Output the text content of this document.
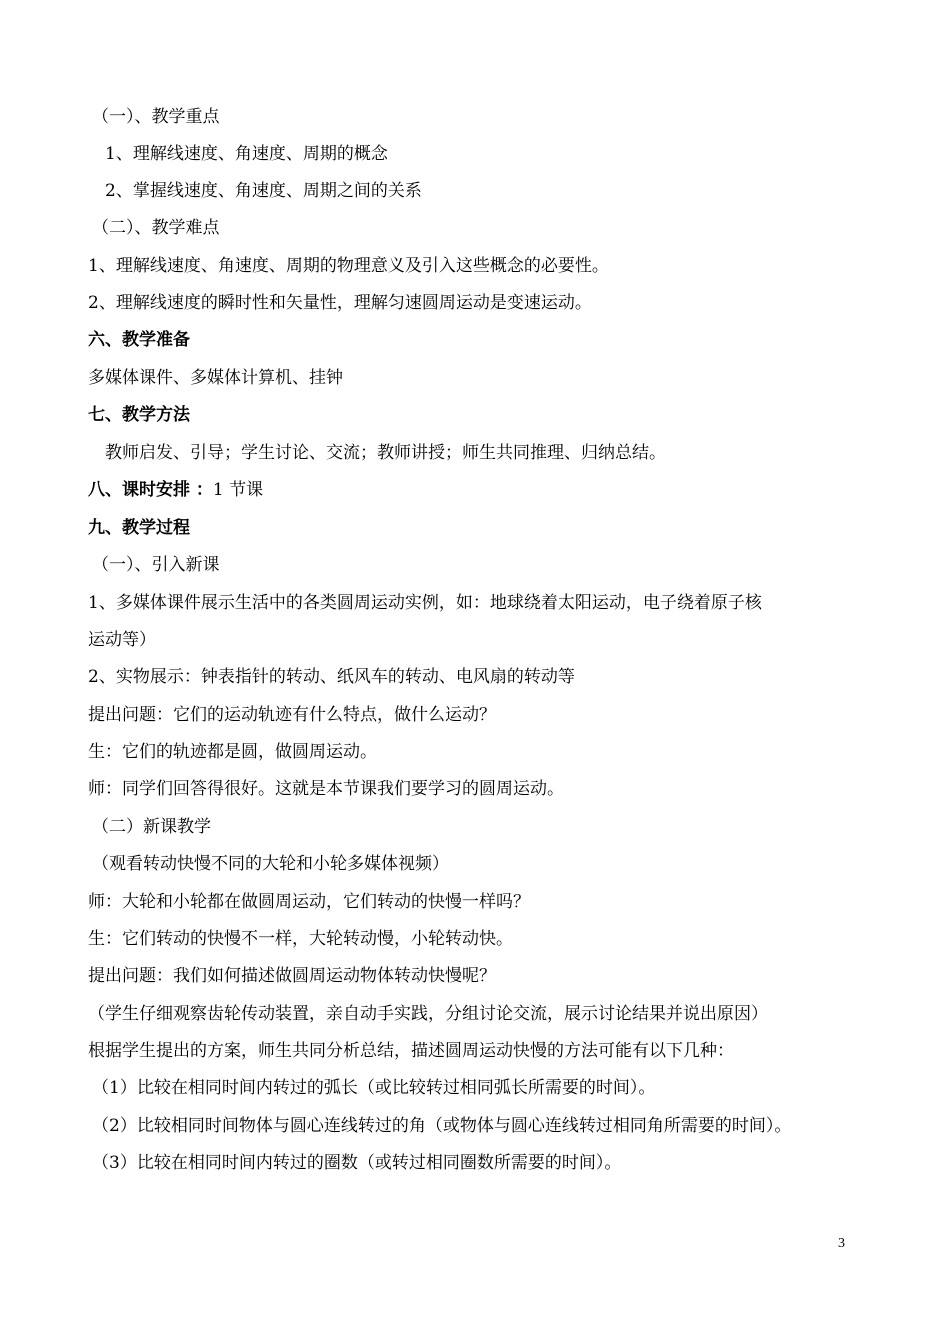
（一）、教学重点
1、理解线速度、角速度、周期的概念
2、掌握线速度、角速度、周期之间的关系
（二）、教学难点
1、理解线速度、角速度、周期的物理意义及引入这些概念的必要性。
2、理解线速度的瞬时性和矢量性，理解匀速圆周运动是变速运动。
六、教学准备
多媒体课件、多媒体计算机、挂钟
七、教学方法
教师启发、引导；学生讨论、交流；教师讲授；师生共同推理、归纳总结。
八、课时安排 ：1 节课
九、教学过程
（一）、引入新课
1、多媒体课件展示生活中的各类圆周运动实例，如：地球绕着太阳运动，电子绕着原子核
运动等）
2、实物展示：钟表指针的转动、纸风车的转动、电风扇的转动等
提出问题：它们的运动轨迹有什么特点，做什么运动？
生：它们的轨迹都是圆，做圆周运动。
师：同学们回答得很好。这就是本节课我们要学习的圆周运动。
（二）新课教学
（观看转动快慢不同的大轮和小轮多媒体视频）
师：大轮和小轮都在做圆周运动，它们转动的快慢一样吗？
生：它们转动的快慢不一样，大轮转动慢，小轮转动快。
提出问题：我们如何描述做圆周运动物体转动快慢呢？
（学生仔细观察齿轮传动装置，亲自动手实践，分组讨论交流，展示讨论结果并说出原因）
根据学生提出的方案，师生共同分析总结，描述圆周运动快慢的方法可能有以下几种：
（1）比较在相同时间内转过的弧长（或比较转过相同弧长所需要的时间）。
（2）比较相同时间物体与圆心连线转过的角（或物体与圆心连线转过相同角所需要的时间）。
（3）比较在相同时间内转过的圈数（或转过相同圈数所需要的时间）。
3
